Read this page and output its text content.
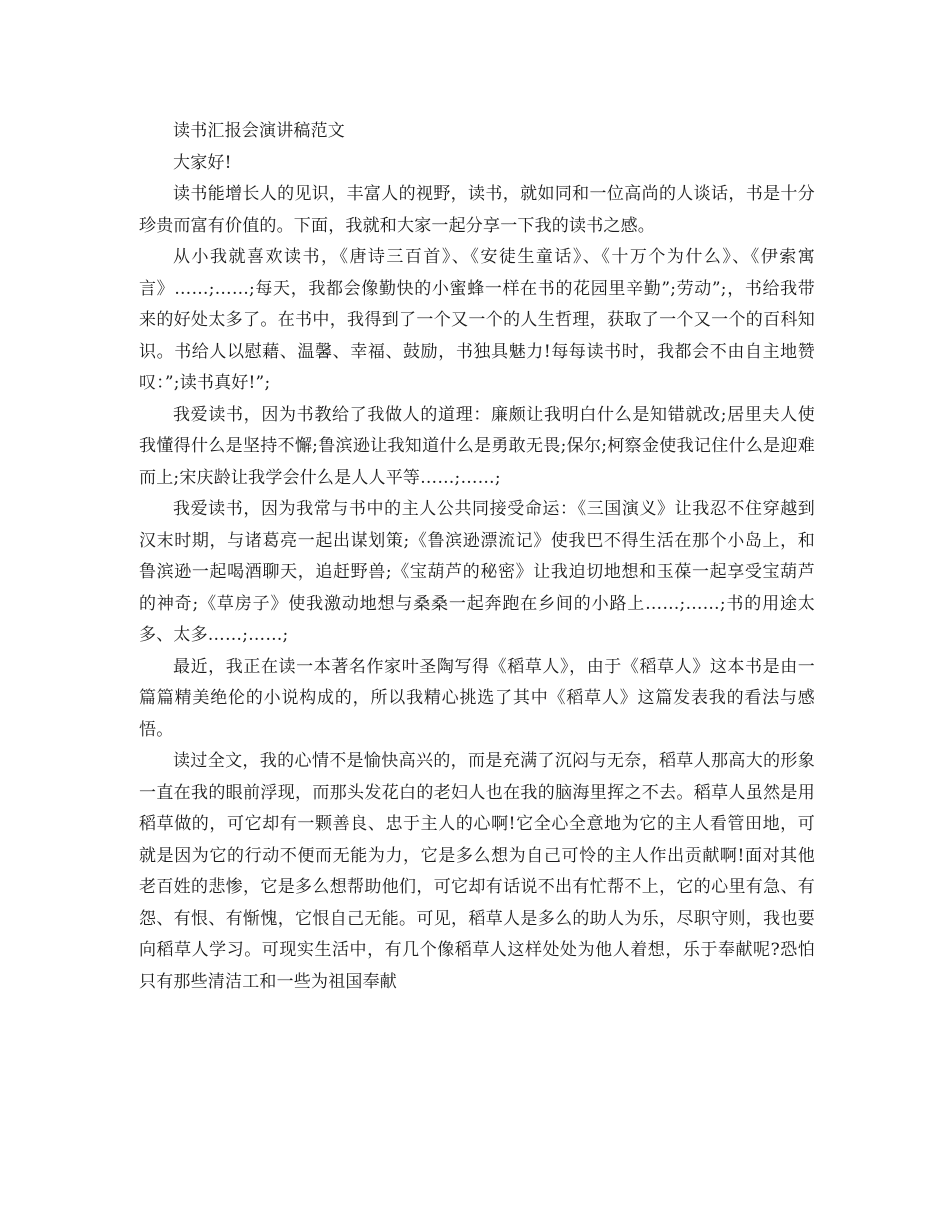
读书汇报会演讲稿范文

大家好!

读书能增长人的见识，丰富人的视野，读书，就如同和一位高尚的人谈话，书是十分珍贵而富有价值的。下面，我就和大家一起分享一下我的读书之感。

从小我就喜欢读书，《唐诗三百首》、《安徒生童话》、《十万个为什么》、《伊索寓言》……;……;每天，我都会像勤快的小蜜蜂一样在书的花园里辛勤”;劳动”;，书给我带来的好处太多了。在书中，我得到了一个又一个的人生哲理，获取了一个又一个的百科知识。书给人以慰藉、温馨、幸福、鼓励，书独具魅力!每每读书时，我都会不由自主地赞叹：”;读书真好!”;

我爱读书，因为书教给了我做人的道理：廉颇让我明白什么是知错就改;居里夫人使我懂得什么是坚持不懈;鲁滨逊让我知道什么是勇敢无畏;保尔;柯察金使我记住什么是迎难而上;宋庆龄让我学会什么是人人平等……;……;

我爱读书，因为我常与书中的主人公共同接受命运：《三国演义》让我忍不住穿越到汉末时期，与诸葛亮一起出谋划策;《鲁滨逊漂流记》使我巴不得生活在那个小岛上，和鲁滨逊一起喝酒聊天，追赶野兽;《宝葫芦的秘密》让我迫切地想和玉葆一起享受宝葫芦的神奇;《草房子》使我激动地想与桑桑一起奔跑在乡间的小路上……;……;书的用途太多、太多……;……;

最近，我正在读一本著名作家叶圣陶写得《稻草人》，由于《稻草人》这本书是由一篇篇精美绝伦的小说构成的，所以我精心挑选了其中《稻草人》这篇发表我的看法与感悟。

读过全文，我的心情不是愉快高兴的，而是充满了沉闷与无奈，稻草人那高大的形象一直在我的眼前浮现，而那头发花白的老妇人也在我的脑海里挥之不去。稻草人虽然是用稻草做的，可它却有一颗善良、忠于主人的心啊!它全心全意地为它的主人看管田地，可就是因为它的行动不便而无能为力，它是多么想为自己可怜的主人作出贡献啊!面对其他老百姓的悲惨，它是多么想帮助他们，可它却有话说不出有忙帮不上，它的心里有急、有怨、有恨、有惭愧，它恨自己无能。可见，稻草人是多么的助人为乐，尽职守则，我也要向稻草人学习。可现实生活中，有几个像稻草人这样处处为他人着想，乐于奉献呢?恐怕只有那些清洁工和一些为祖国奉献
